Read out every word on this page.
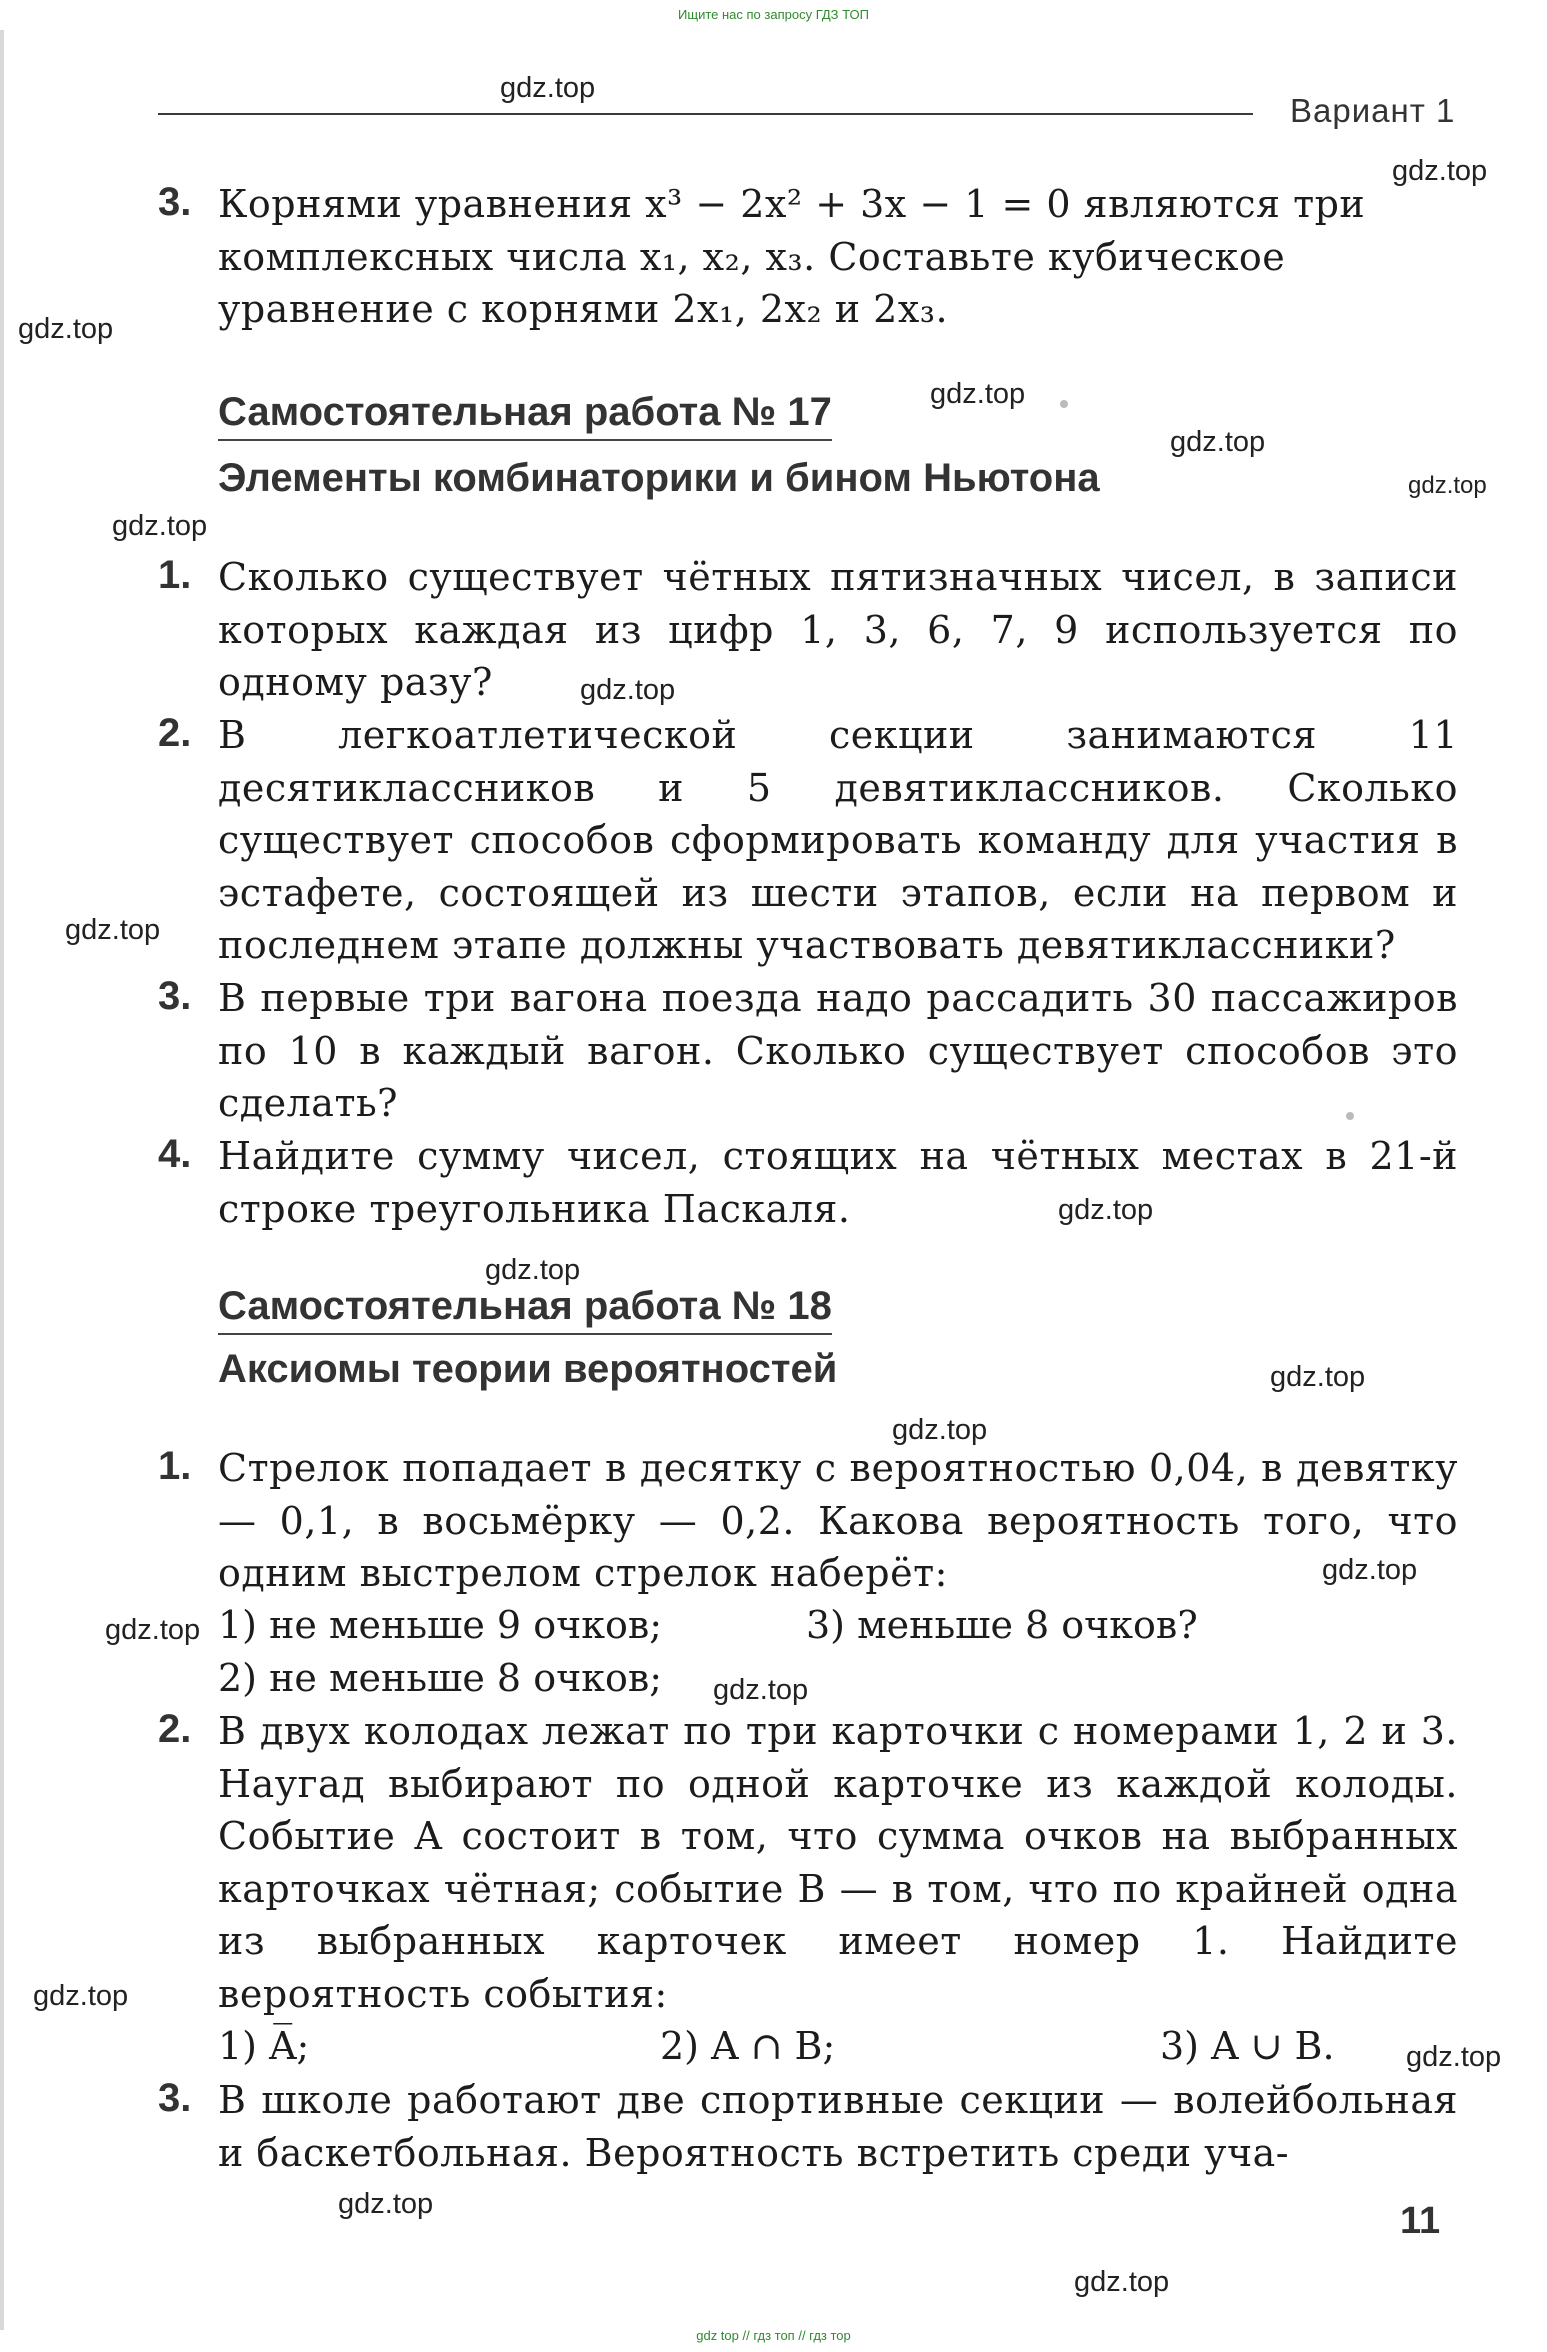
Ищите нас по запросу ГДЗ ТОП
Вариант 1
3. Корнями уравнения x³ − 2x² + 3x − 1 = 0 являются три
комплексных числа x₁, x₂, x₃. Составьте кубическое
уравнение с корнями 2x₁, 2x₂ и 2x₃.
Самостоятельная работа № 17
Элементы комбинаторики и бином Ньютона
1. Сколько существует чётных пятизначных чисел, в записи которых каждая из цифр 1, 3, 6, 7, 9 используется по одному разу?
2. В легкоатлетической секции занимаются 11 десятиклассников и 5 девятиклассников. Сколько существует способов сформировать команду для участия в эстафете, состоящей из шести этапов, если на первом и последнем этапе должны участвовать девятиклассники?
3. В первые три вагона поезда надо рассадить 30 пассажиров по 10 в каждый вагон. Сколько существует способов это сделать?
4. Найдите сумму чисел, стоящих на чётных местах в 21-й строке треугольника Паскаля.
Самостоятельная работа № 18
Аксиомы теории вероятностей
1. Стрелок попадает в десятку с вероятностью 0,04, в девятку — 0,1, в восьмёрку — 0,2. Какова вероятность того, что одним выстрелом стрелок наберёт:
1) не меньше 9 очков;	3) меньше 8 очков?
2) не меньше 8 очков;
2. В двух колодах лежат по три карточки с номерами 1, 2 и 3. Наугад выбирают по одной карточке из каждой колоды. Событие A состоит в том, что сумма очков на выбранных карточках чётная; событие B — в том, что по крайней одна из выбранных карточек имеет номер 1. Найдите вероятность события:
1) A̅;	2) A ∩ B;	3) A ∪ B.
3. В школе работают две спортивные секции — волейбольная и баскетбольная. Вероятность встретить среди уча-
11
gdz.top
gdz.top
gdz.top
gdz.top
gdz.top
gdz.top
gdz.top
gdz.top
gdz.top
gdz.top
gdz.top
gdz.top
gdz.top
gdz.top
gdz.top
gdz.top
gdz.top
gdz.top
gdz.top
gdz.top
gdz top // гдз топ // гдз тор
